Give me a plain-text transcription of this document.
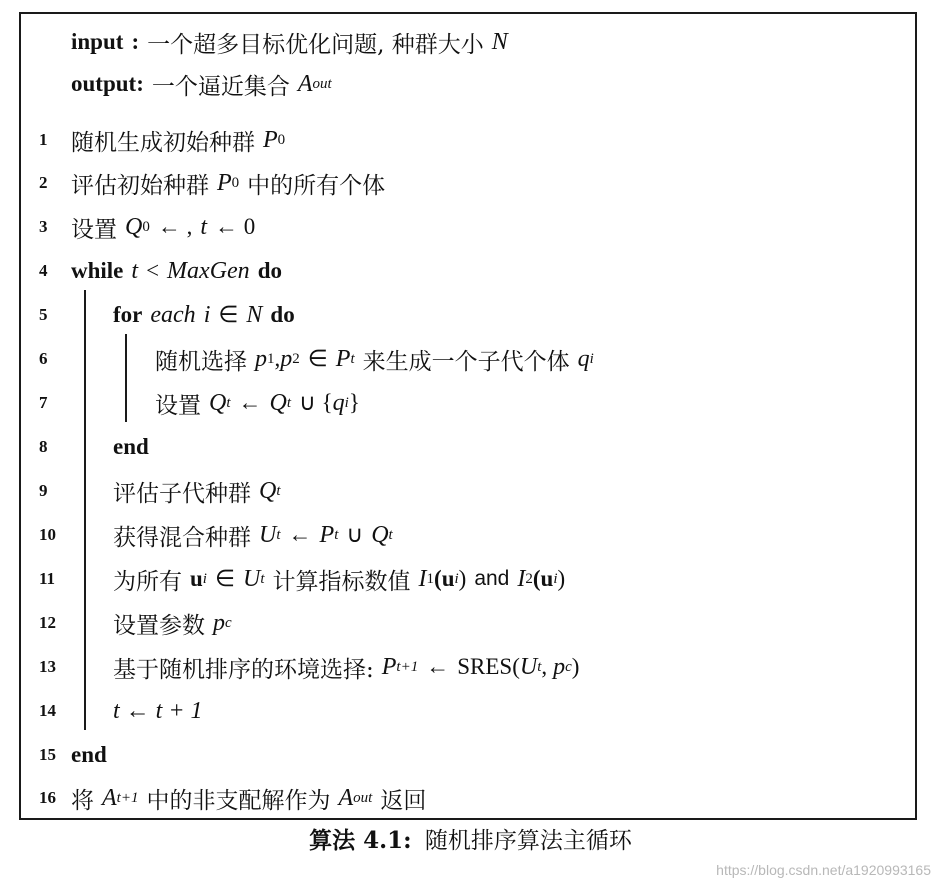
input : 一个超多目标优化问题, 种群大小 N
output: 一个逼近集合 A out
1	随机生成初始种群 P 0
2	评估初始种群 P 0 中的所有个体
3	设置 Q 0 ← , t ← 0
4	while t < MaxGen do
5	for each i ∈ N do
6	随机选择 p 1 , p 2 ∈ P t 来生成一个子代个体 q i
7	设置 Q t ← Q t ∪ { q i }
8	end
9	评估子代种群 Q t
10	获得混合种群 U t ← P t ∪ Q t
11	为所有 u i ∈ U t 计算指标数值 I 1 (u i ) and I 2 (u i )
12	设置参数 p c
13	基于随机排序的环境选择: P t+1 ← SRES( U t , p c )
14	t ← t + 1
15 end
16 将 A t+1 中的非支配解作为 A out 返回
算法 4.1: 随机排序算法主循环
https://blog.csdn.net/a1920993165
